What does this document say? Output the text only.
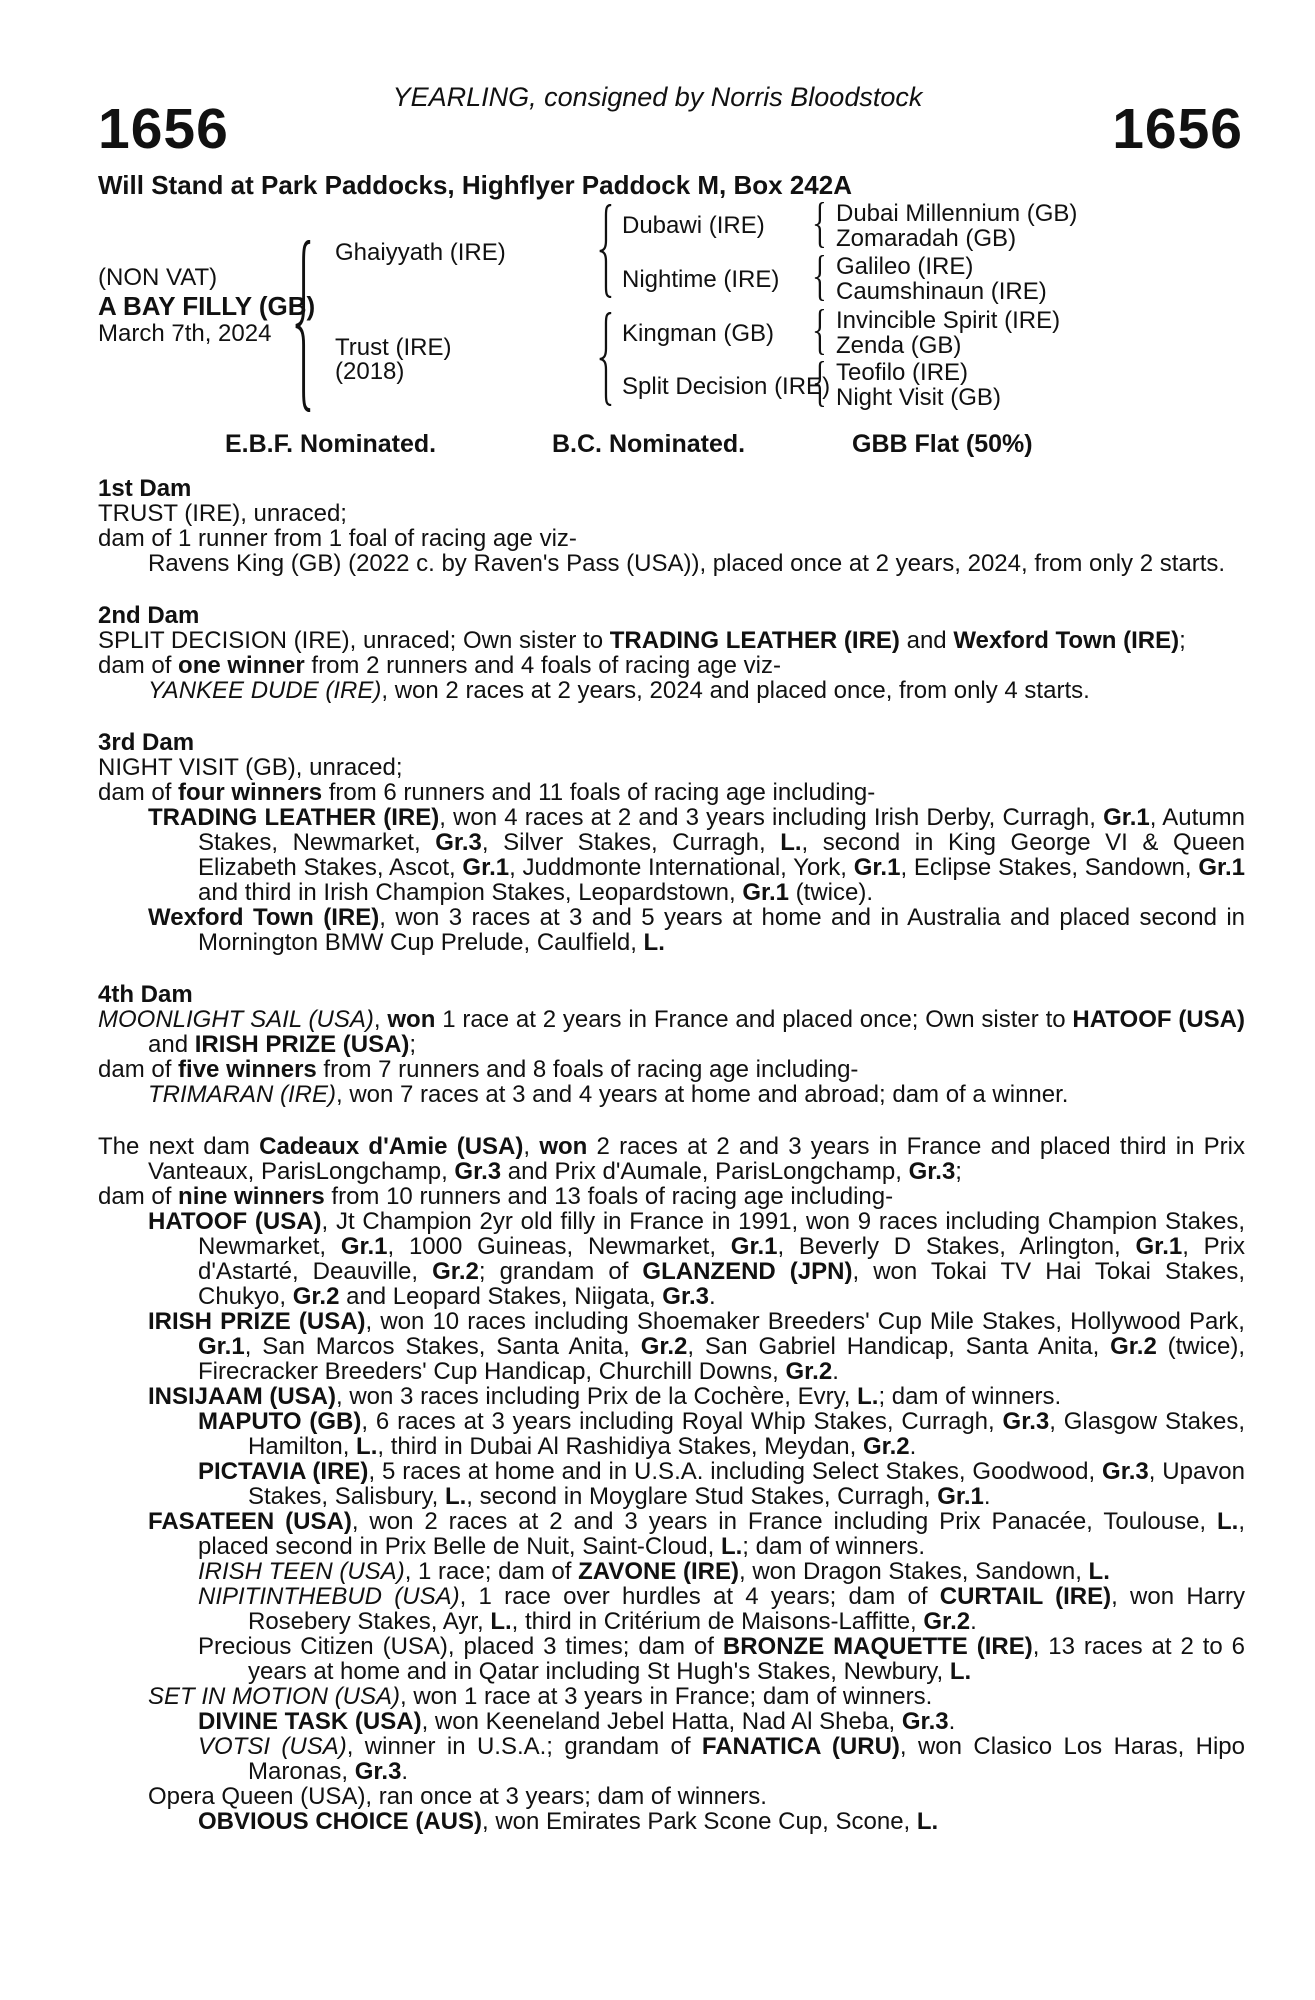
YEARLING, consigned by Norris Bloodstock
1656	1656
Will Stand at Park Paddocks, Highflyer Paddock M, Box 242A
(NON VAT)
A BAY FILLY (GB)
March 7th, 2024
Ghaiyyath (IRE)
Trust (IRE)
(2018)
Dubawi (IRE)
Nightime (IRE)
Kingman (GB)
Split Decision (IRE)
Dubai Millennium (GB)
Zomaradah (GB)
Galileo (IRE)
Caumshinaun (IRE)
Invincible Spirit (IRE)
Zenda (GB)
Teofilo (IRE)
Night Visit (GB)
E.B.F. Nominated.	B.C. Nominated.	GBB Flat (50%)
1st Dam
TRUST (IRE), unraced;
dam of 1 runner from 1 foal of racing age viz-
Ravens King (GB) (2022 c. by Raven's Pass (USA)), placed once at 2 years, 2024, from only 2 starts.
2nd Dam
SPLIT DECISION (IRE), unraced; Own sister to TRADING LEATHER (IRE) and Wexford Town (IRE);
dam of one winner from 2 runners and 4 foals of racing age viz-
YANKEE DUDE (IRE), won 2 races at 2 years, 2024 and placed once, from only 4 starts.
3rd Dam
NIGHT VISIT (GB), unraced;
dam of four winners from 6 runners and 11 foals of racing age including-
TRADING LEATHER (IRE), won 4 races at 2 and 3 years including Irish Derby, Curragh, Gr.1, Autumn Stakes, Newmarket, Gr.3, Silver Stakes, Curragh, L., second in King George VI & Queen Elizabeth Stakes, Ascot, Gr.1, Juddmonte International, York, Gr.1, Eclipse Stakes, Sandown, Gr.1 and third in Irish Champion Stakes, Leopardstown, Gr.1 (twice).
Wexford Town (IRE), won 3 races at 3 and 5 years at home and in Australia and placed second in Mornington BMW Cup Prelude, Caulfield, L.
4th Dam
MOONLIGHT SAIL (USA), won 1 race at 2 years in France and placed once; Own sister to HATOOF (USA) and IRISH PRIZE (USA);
dam of five winners from 7 runners and 8 foals of racing age including-
TRIMARAN (IRE), won 7 races at 3 and 4 years at home and abroad; dam of a winner.
The next dam Cadeaux d'Amie (USA), won 2 races at 2 and 3 years in France and placed third in Prix Vanteaux, ParisLongchamp, Gr.3 and Prix d'Aumale, ParisLongchamp, Gr.3;
dam of nine winners from 10 runners and 13 foals of racing age including-
HATOOF (USA), Jt Champion 2yr old filly in France in 1991, won 9 races including Champion Stakes, Newmarket, Gr.1, 1000 Guineas, Newmarket, Gr.1, Beverly D Stakes, Arlington, Gr.1, Prix d'Astarté, Deauville, Gr.2; grandam of GLANZEND (JPN), won Tokai TV Hai Tokai Stakes, Chukyo, Gr.2 and Leopard Stakes, Niigata, Gr.3.
IRISH PRIZE (USA), won 10 races including Shoemaker Breeders' Cup Mile Stakes, Hollywood Park, Gr.1, San Marcos Stakes, Santa Anita, Gr.2, San Gabriel Handicap, Santa Anita, Gr.2 (twice), Firecracker Breeders' Cup Handicap, Churchill Downs, Gr.2.
INSIJAAM (USA), won 3 races including Prix de la Cochère, Evry, L.; dam of winners.
MAPUTO (GB), 6 races at 3 years including Royal Whip Stakes, Curragh, Gr.3, Glasgow Stakes, Hamilton, L., third in Dubai Al Rashidiya Stakes, Meydan, Gr.2.
PICTAVIA (IRE), 5 races at home and in U.S.A. including Select Stakes, Goodwood, Gr.3, Upavon Stakes, Salisbury, L., second in Moyglare Stud Stakes, Curragh, Gr.1.
FASATEEN (USA), won 2 races at 2 and 3 years in France including Prix Panacée, Toulouse, L., placed second in Prix Belle de Nuit, Saint-Cloud, L.; dam of winners.
IRISH TEEN (USA), 1 race; dam of ZAVONE (IRE), won Dragon Stakes, Sandown, L.
NIPITINTHEBUD (USA), 1 race over hurdles at 4 years; dam of CURTAIL (IRE), won Harry Rosebery Stakes, Ayr, L., third in Critérium de Maisons-Laffitte, Gr.2.
Precious Citizen (USA), placed 3 times; dam of BRONZE MAQUETTE (IRE), 13 races at 2 to 6 years at home and in Qatar including St Hugh's Stakes, Newbury, L.
SET IN MOTION (USA), won 1 race at 3 years in France; dam of winners.
DIVINE TASK (USA), won Keeneland Jebel Hatta, Nad Al Sheba, Gr.3.
VOTSI (USA), winner in U.S.A.; grandam of FANATICA (URU), won Clasico Los Haras, Hipo Maronas, Gr.3.
Opera Queen (USA), ran once at 3 years; dam of winners.
OBVIOUS CHOICE (AUS), won Emirates Park Scone Cup, Scone, L.
